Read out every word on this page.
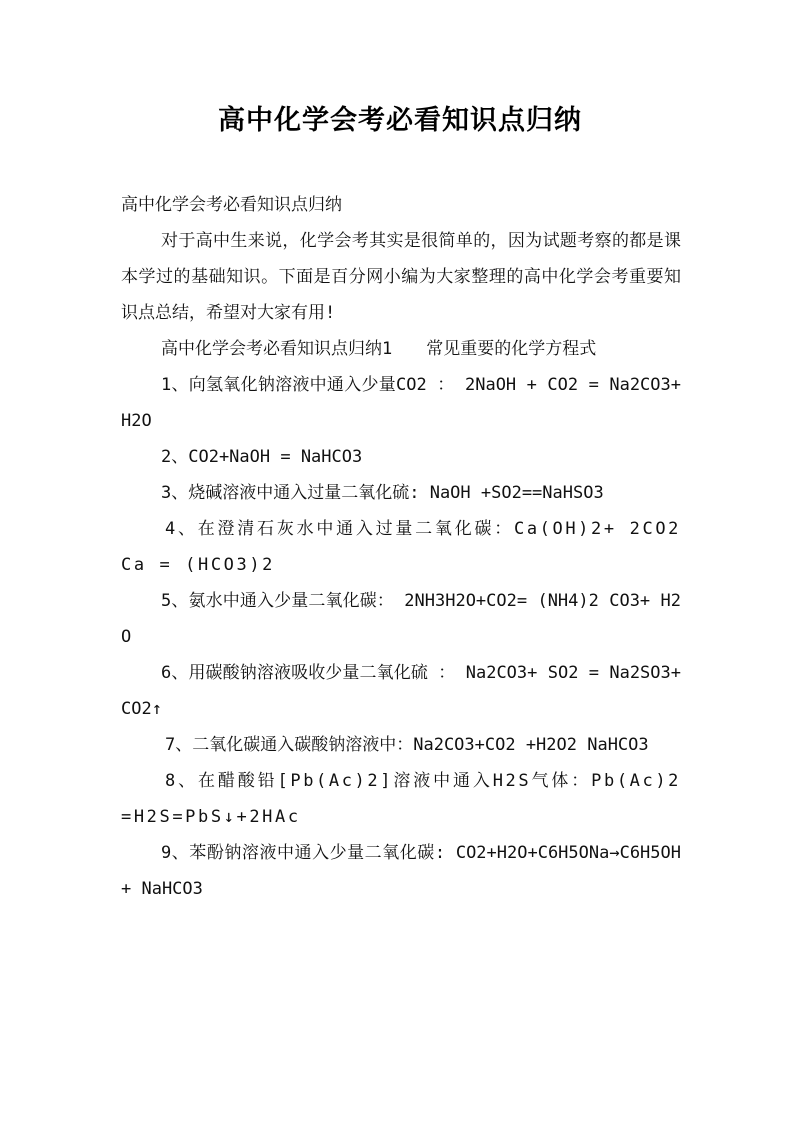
高中化学会考必看知识点归纳

高中化学会考必看知识点归纳

对于高中生来说，化学会考其实是很简单的，因为试题考察的都是课本学过的基础知识。下面是百分网小编为大家整理的高中化学会考重要知识点总结，希望对大家有用!

高中化学会考必看知识点归纳1　　常见重要的化学方程式

1、向氢氧化钠溶液中通入少量CO2 ： 2NaOH + CO2 = Na2CO3+ H2O

2、CO2+NaOH = NaHCO3

3、烧碱溶液中通入过量二氧化硫: NaOH +SO2==NaHSO3

4、在澄清石灰水中通入过量二氧化碳：Ca(OH)2+ 2CO2Ca = (HCO3)2

5、氨水中通入少量二氧化碳： 2NH3H2O+CO2= (NH4)2 CO3+ H2O

6、用碳酸钠溶液吸收少量二氧化硫 ： Na2CO3+ SO2 = Na2SO3+ CO2↑

7、二氧化碳通入碳酸钠溶液中：Na2CO3+CO2 +H2O2 NaHCO3

8、在醋酸铅[Pb(Ac)2]溶液中通入H2S气体：Pb(Ac)2=H2S=PbS↓+2HAc

9、苯酚钠溶液中通入少量二氧化碳: CO2+H2O+C6H5ONa→C6H5OH+ NaHCO3
